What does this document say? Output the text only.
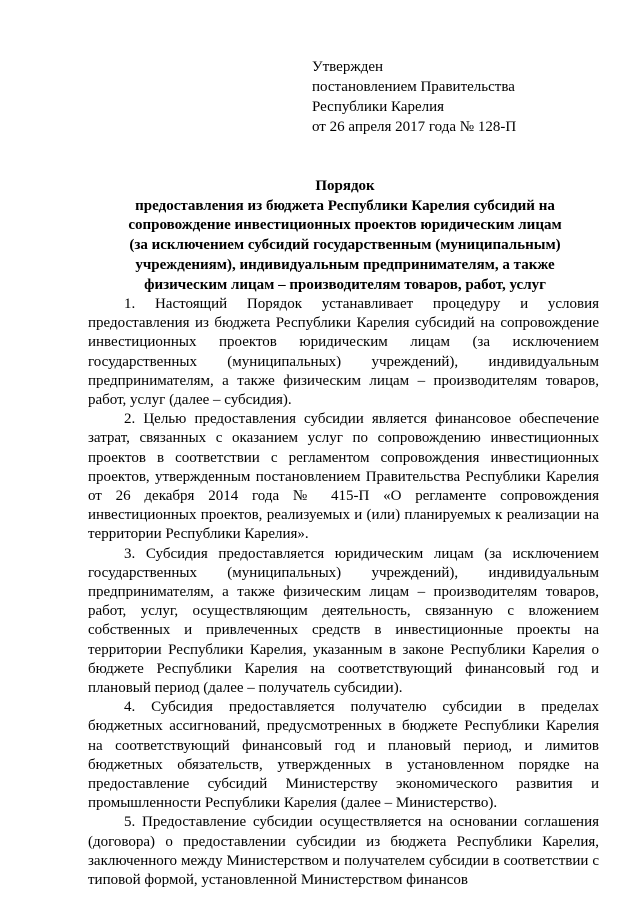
Утвержден
постановлением Правительства
Республики Карелия
от 26 апреля 2017 года № 128-П
Порядок
предоставления из бюджета Республики Карелия субсидий на
сопровождение инвестиционных проектов юридическим лицам
(за исключением субсидий государственным (муниципальным)
учреждениям), индивидуальным предпринимателям, а также
физическим лицам – производителям товаров, работ, услуг

1. Настоящий Порядок устанавливает процедуру и условия предоставления из бюджета Республики Карелия субсидий на сопровождение инвестиционных проектов юридическим лицам (за исключением государственных (муниципальных) учреждений), индивидуальным предпринимателям, а также физическим лицам – производителям товаров, работ, услуг (далее – субсидия).

2. Целью предоставления субсидии является финансовое обеспечение затрат, связанных с оказанием услуг по сопровождению инвестиционных проектов в соответствии с регламентом сопровождения инвестиционных проектов, утвержденным постановлением Правительства Республики Карелия от 26 декабря 2014 года № 415-П «О регламенте сопровождения инвестиционных проектов, реализуемых и (или) планируемых к реализации на территории Республики Карелия».

3. Субсидия предоставляется юридическим лицам (за исключением государственных (муниципальных) учреждений), индивидуальным предпринимателям, а также физическим лицам – производителям товаров, работ, услуг, осуществляющим деятельность, связанную с вложением собственных и привлеченных средств в инвестиционные проекты на территории Республики Карелия, указанным в законе Республики Карелия о бюджете Республики Карелия на соответствующий финансовый год и плановый период (далее – получатель субсидии).

4. Субсидия предоставляется получателю субсидии в пределах бюджетных ассигнований, предусмотренных в бюджете Республики Карелия на соответствующий финансовый год и плановый период, и лимитов бюджетных обязательств, утвержденных в установленном порядке на предоставление субсидий Министерству экономического развития и промышленности Республики Карелия (далее – Министерство).

5. Предоставление субсидии осуществляется на основании соглашения (договора) о предоставлении субсидии из бюджета Республики Карелия, заключенного между Министерством и получателем субсидии в соответствии с типовой формой, установленной Министерством финансов
